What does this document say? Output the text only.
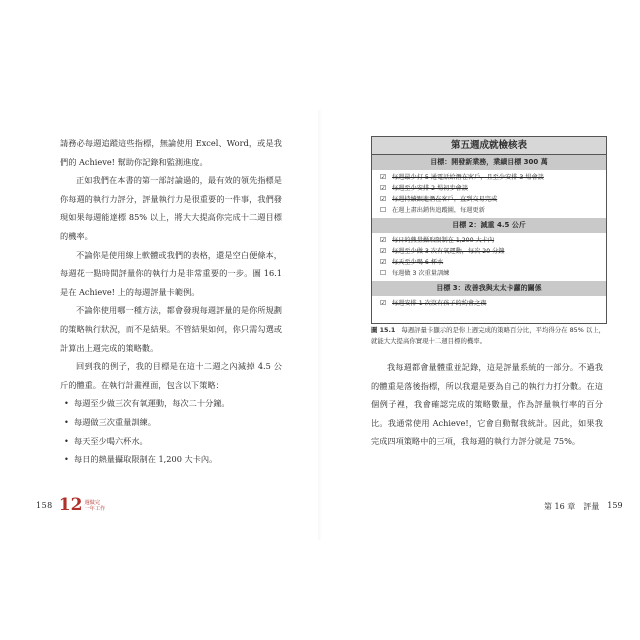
請務必每週追蹤這些指標，無論使用 Excel、Word，或是我們的 Achieve! 幫助你記錄和監測進度。

正如我們在本書的第一部討論過的，最有效的領先指標是你每週的執行力評分，評量執行力是很重要的一件事，我們發現如果每週能達標 85% 以上，將大大提高你完成十二週目標的機率。

不論你是使用線上軟體或我們的表格，還是空白便條本，每週花一點時間評量你的執行力是非常重要的一步。圖 16.1 是在 Achieve! 上的每週評量卡範例。

不論你使用哪一種方法，都會發現每週評量的是你所規劃的策略執行狀況，而不是結果。不管結果如何，你只需勾選或計算出上週完成的策略數。

回到我的例子，我的目標是在這十二週之內減掉 4.5 公斤的體重。在執行計畫裡面，包含以下策略：

• 每週至少做三次有氧運動，每次二十分鐘。
• 每週做三次重量訓練。
• 每天至少喝六杯水。
• 每日的熱量攝取限制在 1,200 大卡內。
158 12 週做完
一年工作
第五週成就檢核表
目標：開發新業務，業績目標 300 萬
☑ 每週最少打 5 通電話給潛在客戶，且至少安排 3 場會談
☑ 每週至少安排 2 場初步會談
☑ 每週持續跟進潛在客戶，直到交易完成
☐ 在週上畫出銷售追蹤圖，每週更新
目標 2：減重 4.5 公斤
☑ 每日的熱量攝取限制在 1,200 大卡內
☑ 每週至少做 3 次有氧運動，每次 20 分鐘
☑ 每天至少喝 6 杯水
☐ 每週做 3 次重量訓練
目標 3：改善我與太太卡蘿的關係
☑ 每週安排 1 次沒有孩子的約會之夜
圖 15.1 每週評量卡顯示的是你上週完成的策略百分比，平均得分在 85% 以上，就能大大提高你實現十二週目標的機率。

我每週都會量體重並記錄，這是評量系統的一部分。不過我的體重是落後指標，所以我還是要為自己的執行力打分數。在這個例子裡，我會確認完成的策略數量，作為評量執行率的百分比。我通常使用 Achieve!，它會自動幫我統計。因此，如果我完成四項策略中的三項，我每週的執行力評分就是 75%。

第 16 章 評量 159
